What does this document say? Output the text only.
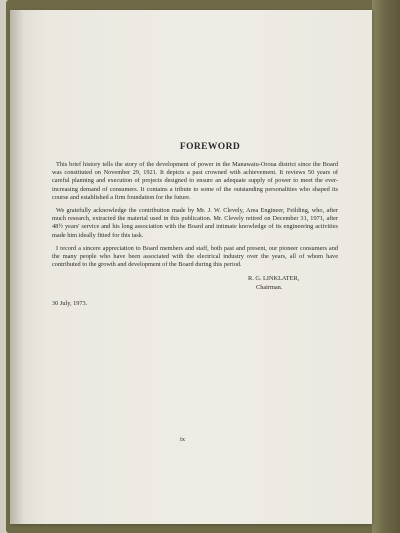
FOREWORD

This brief history tells the story of the development of power in the Manawatu-Oroua district since the Board was constituted on November 29, 1921. It depicts a past crowned with achievement. It reviews 50 years of careful planning and execution of projects designed to ensure an adequate supply of power to meet the ever-increasing demand of consumers. It contains a tribute to some of the outstanding personalities who shaped its course and established a firm foundation for the future.

We gratefully acknowledge the contribution made by Mr. J. W. Clevely, Area Engineer, Feilding, who, after much research, extracted the material used in this publication. Mr. Clevely retired on December 31, 1971, after 48½ years' service and his long association with the Board and intimate knowledge of its engineering activities made him ideally fitted for this task.

I record a sincere appreciation to Board members and staff, both past and present, our pioneer consumers and the many people who have been associated with the electrical industry over the years, all of whom have contributed to the growth and development of the Board during this period.

R. G. LINKLATER,
Chairman.
30 July, 1973.
ix
